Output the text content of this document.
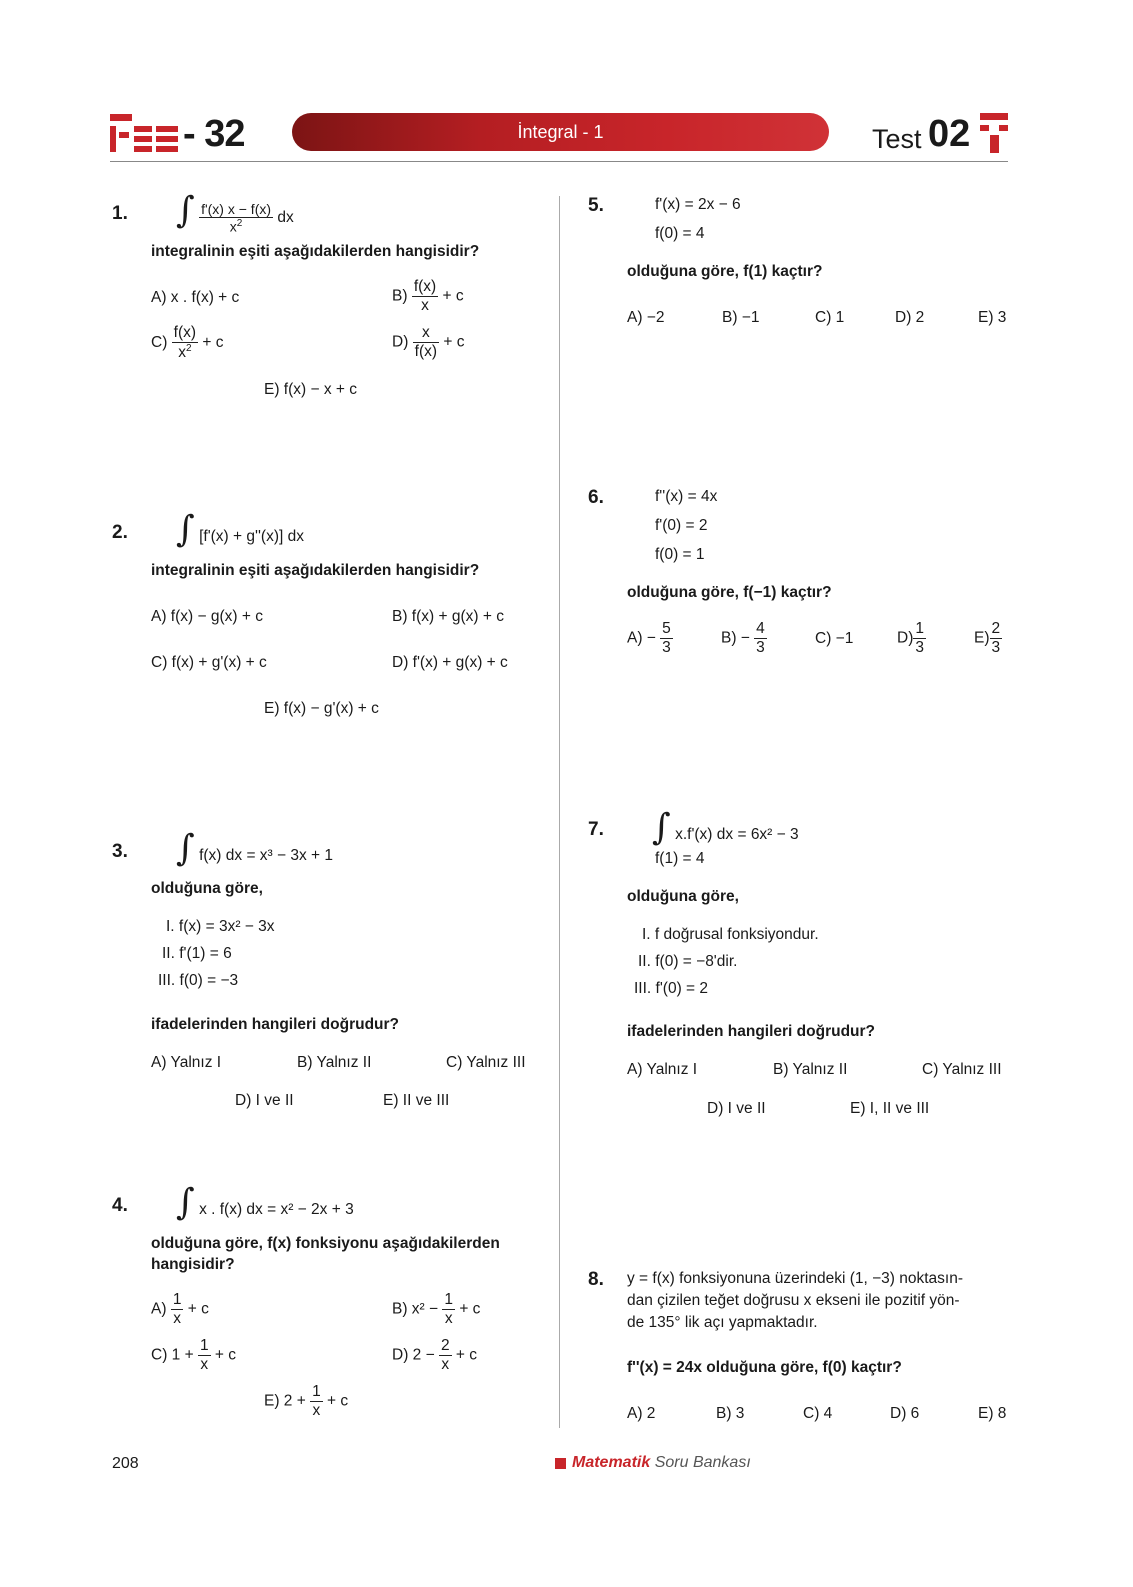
- 32	İntegral - 1	Test 02
1. ∫ $\frac{f'(x) x - f(x)}{x^2}$ dx
integralinin eşiti aşağıdakilerden hangisidir?
A) x . f(x) + c	$B) \frac{f(x)}{x} + c$
$C) \frac{f(x)}{x^2} + c$	$D) \frac{x}{f(x)} + c$
E) f(x) − x + c
2. ∫ [f'(x) + g''(x)] dx
integralinin eşiti aşağıdakilerden hangisidir?
A) f(x) − g(x) + c	B) f(x) + g(x) + c
C) f(x) + g'(x) + c	D) f'(x) + g(x) + c
E) f(x) − g'(x) + c
3. ∫ f(x) dx = x³ − 3x + 1
olduğuna göre,
I. f(x) = 3x² − 3x
II. f'(1) = 6
III. f(0) = −3
ifadelerinden hangileri doğrudur?
A) Yalnız I	B) Yalnız II	C) Yalnız III
D) I ve II	E) II ve III
4. ∫ x . f(x) dx = x² − 2x + 3
olduğuna göre, f(x) fonksiyonu aşağıdakilerden
hangisidir?
$A) \frac{1}{x} + c$	B) $x^2 - \frac{1}{x} + c$
C) $1 + \frac{1}{x} + c$	D) $2 - \frac{2}{x} + c$
E) $2 + \frac{1}{x} + c$
5.	f'(x) = 2x − 6
f(0) = 4
olduğuna göre, f(1) kaçtır?
A) −2	B) −1	C) 1	D) 2	E) 3
6.	f''(x) = 4x
f'(0) = 2
f(0) = 1
olduğuna göre, f(−1) kaçtır?
$A) - \frac{5}{3}$	$B) - \frac{4}{3}$	C) −1	$D) \frac{1}{3}$	$E) \frac{2}{3}$
7. ∫ x.f'(x) dx = 6x² − 3
f(1) = 4
olduğuna göre,
I. f doğrusal fonksiyondur.
II. f(0) = −8'dir.
III. f'(0) = 2
ifadelerinden hangileri doğrudur?
A) Yalnız I	B) Yalnız II	C) Yalnız III
D) I ve II	E) I, II ve III
8. y = f(x) fonksiyonuna üzerindeki (1, −3) noktasın-
dan çizilen teğet doğrusu x ekseni ile pozitif yön-
de 135° lik açı yapmaktadır.
f''(x) = 24x olduğuna göre, f(0) kaçtır?
A) 2	B) 3	C) 4	D) 6	E) 8
208	Matematik Soru Bankası
